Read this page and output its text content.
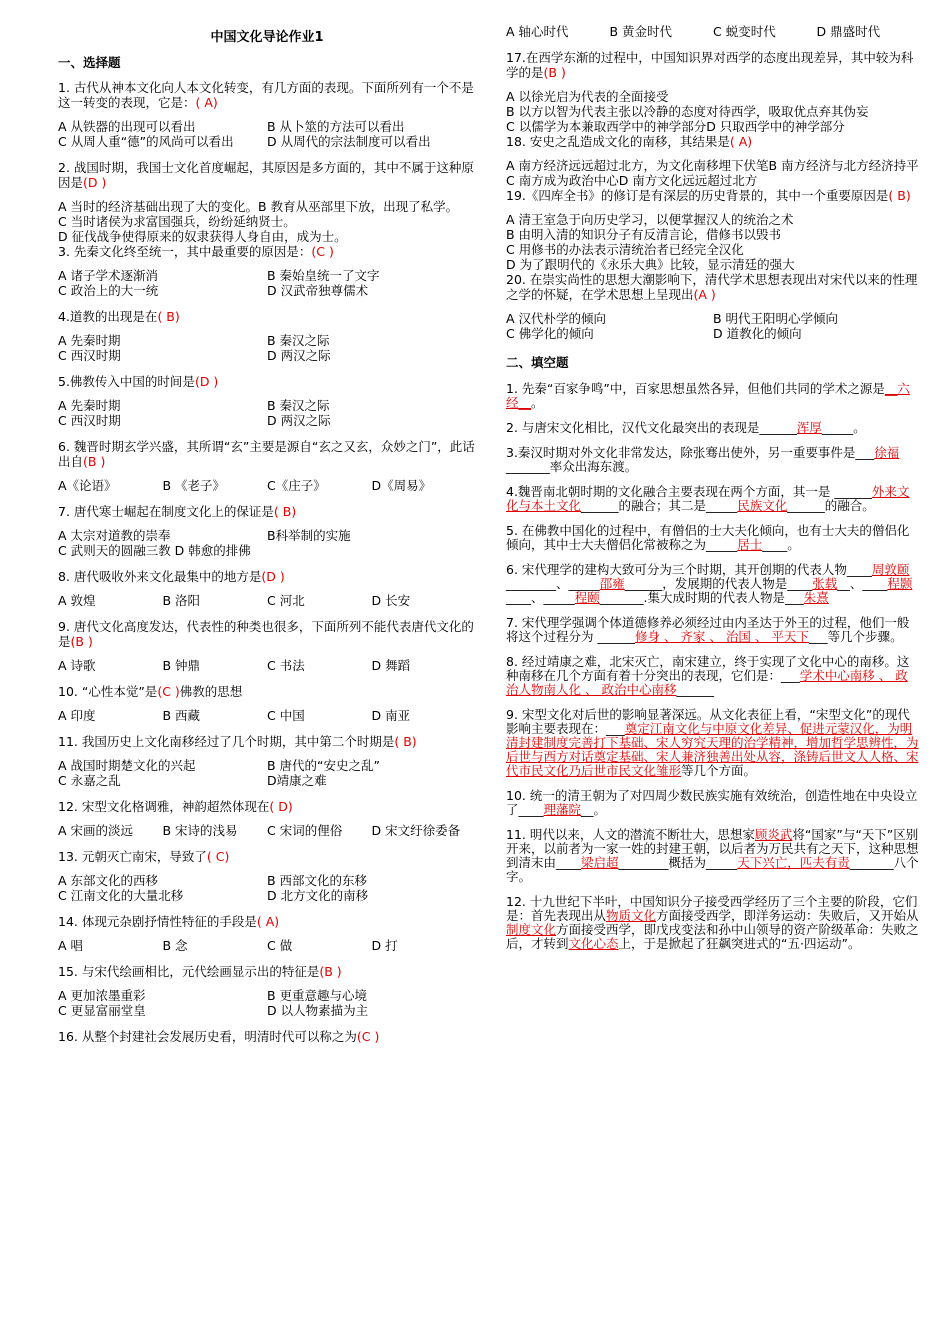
中国文化导论作业1
一、选择题
1. 古代从神本文化向人本文化转变，有几方面的表现。下面所列有一个不是这一转变的表现，它是：( A)
A 从铁器的出现可以看出	B 从卜筮的方法可以看出
C 从周人重“德”的风尚可以看出	D 从周代的宗法制度可以看出
2. 战国时期，我国士文化首度崛起，其原因是多方面的，其中不属于这种原因是(D )
A 当时的经济基础出现了大的变化。B 教育从巫部里下放，出现了私学。C 当时诸侯为求富国强兵，纷纷延纳贤士。D 征伐战争使得原来的奴隶获得人身自由，成为士。
3. 先秦文化终至统一，其中最重要的原因是：(C )
A 诸子学术逐渐消	B 秦始皇统一了文字
C 政治上的大一统	D 汉武帝独尊儒术
4.道教的出现是在( B)
A 先秦时期	B 秦汉之际
C 西汉时期	D 两汉之际
5.佛教传入中国的时间是(D )
A 先秦时期	B 秦汉之际
C 西汉时期	D 两汉之际
6. 魏晋时期玄学兴盛，其所谓“玄”主要是源自“玄之又玄，众妙之门”，此话出自(B )
A《论语》	B 《老子》	C《庄子》	D《周易》
7. 唐代寒士崛起在制度文化上的保证是( B)
A 太宗对道教的崇奉	B科举制的实施
C 武则天的圆融三教 D 韩愈的排佛
8. 唐代吸收外来文化最集中的地方是(D )
A 敦煌	B 洛阳	C 河北	D 长安
9. 唐代文化高度发达，代表性的种类也很多，下面所列不能代表唐代文化的是(B )
A 诗歌	B 钟鼎	C 书法	D 舞蹈
10. “心性本觉”是(C )佛教的思想
A 印度	B 西藏	C 中国	D 南亚
11. 我国历史上文化南移经过了几个时期，其中第二个时期是( B)
A 战国时期楚文化的兴起	B 唐代的“安史之乱”
C 永嘉之乱	D靖康之难
12. 宋型文化格调雅，神韵超然体现在( D)
A 宋画的淡远	B 宋诗的浅易	C 宋词的俚俗	D 宋文纡徐委备
13. 元朝灭亡南宋，导致了( C)
A 东部文化的西移	B 西部文化的东移
C 江南文化的大量北移	D 北方文化的南移
14. 体现元杂剧抒情性特征的手段是( A)
A 唱	B 念	C 做	D 打
15. 与宋代绘画相比，元代绘画显示出的特征是(B )
A 更加浓墨重彩	B 更重意趣与心境
C 更显富丽堂皇	D 以人物素描为主
16. 从整个封建社会发展历史看，明清时代可以称之为(C )
A 轴心时代	B 黄金时代	C 蜕变时代	D 鼎盛时代
17.在西学东渐的过程中，中国知识界对西学的态度出现差异，其中较为科学的是(B )
A 以徐光启为代表的全面接受B 以方以智为代表主张以冷静的态度对待西学，吸取优点弃其伪妄C 以儒学为本兼取西学中的神学部分D 只取西学中的神学部分
18. 安史之乱造成文化的南移，其结果是( A)
A 南方经济远远超过北方，为文化南移埋下伏笔B 南方经济与北方经济持平C 南方成为政治中心D 南方文化远远超过北方
19.《四库全书》的修订是有深层的历史背景的，其中一个重要原因是( B)
A 清王室急于向历史学习，以便掌握汉人的统治之术B 由明入清的知识分子有反清言论，借修书以毁书C 用修书的办法表示清统治者已经完全汉化D 为了跟明代的《永乐大典》比较，显示清廷的强大
20. 在崇实尚性的思想大潮影响下，清代学术思想表现出对宋代以来的性理之学的怀疑，在学术思想上呈现出(A )
A 汉代朴学的倾向	B 明代王阳明心学倾向
C 佛学化的倾向	D 道教化的倾向
二、填空题
1. 先秦“百家争鸣”中，百家思想虽然各异，但他们共同的学术之源是__六经__。
2. 与唐宋文化相比，汉代文化最突出的表现是______浑厚_____。
3.秦汉时期对外文化非常发达，除张骞出使外，另一重要事件是___徐福_______率众出海东渡。
4.魏晋南北朝时期的文化融合主要表现在两个方面，其一是 ______外来文化与本土文化______的融合；其二是_____民族文化______的融合。
5. 在佛教中国化的过程中，有僧侣的士大夫化倾向，也有士大夫的僧侣化倾向，其中士大夫僧侣化常被称之为_____居士____。
6. 宋代理学的建构大致可分为三个时期，其开创期的代表人物____周敦颐________、_____邵雍______，发展期的代表人物是____张载__、____程颢____、_____程颐_______.集大成时期的代表人物是___朱熹
7. 宋代理学强调个体道德修养必须经过由内圣达于外王的过程，他们一般将这个过程分为 ______修身 、 齐家 、 治国 、 平天下___等几个步骤。
8. 经过靖康之难，北宋灭亡，南宋建立，终于实现了文化中心的南移。这种南移在几个方面有着十分突出的表现，它们是：___学术中心南移 、 政治人物南人化 、 政治中心南移______
9. 宋型文化对后世的影响显著深远。从文化表征上看，“宋型文化”的现代影响主要表现在：___奠定江南文化与中原文化差异、促进元蒙汉化，为明清封建制度完善打下基础、宋人穷究天理的治学精神，增加哲学思辨性，为后世与西方对话奠定基础、宋人兼济独善出处从容，涤铸后世文人人格、宋代市民文化乃后世市民文化雏形等几个方面。
10. 统一的清王朝为了对四周少数民族实施有效统治，创造性地在中央设立了____理藩院__。
11. 明代以来，人文的潜流不断壮大，思想家顾炎武将“国家”与“天下”区别开来，以前者为一家一姓的封建王朝，以后者为万民共有之天下，这种思想到清末由____梁启超________概括为_____天下兴亡，匹夫有责_______八个字。
12. 十九世纪下半叶，中国知识分子接受西学经历了三个主要的阶段，它们是：首先表现出从物质文化方面接受西学，即洋务运动：失败后，又开始从制度文化方面接受西学，即戊戌变法和孙中山领导的资产阶级革命：失败之后，才转到文化心态上，于是掀起了狂飙突进式的“五·四运动”。
